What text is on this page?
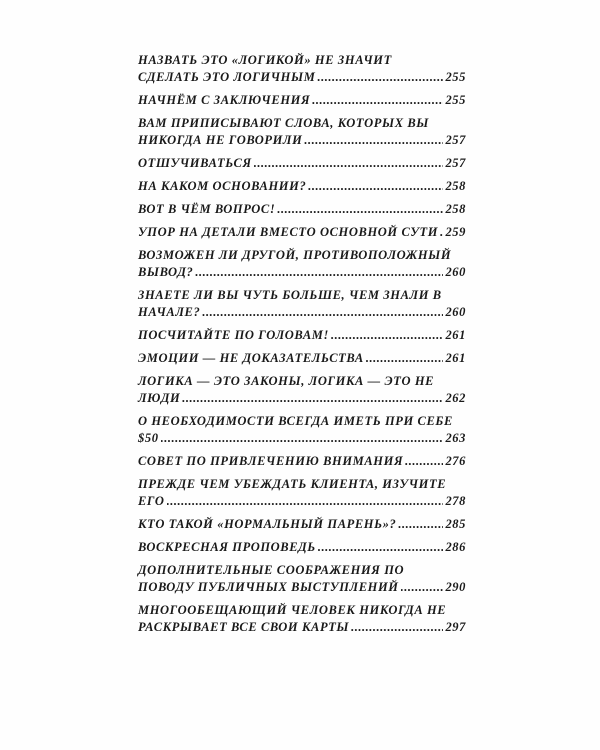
НАЗВАТЬ ЭТО «ЛОГИКОЙ» НЕ ЗНАЧИТ
СДЕЛАТЬ ЭТО ЛОГИЧНЫМ .....	255
НАЧНЁМ С ЗАКЛЮЧЕНИЯ .....	255
ВАМ ПРИПИСЫВАЮТ СЛОВА, КОТОРЫХ ВЫ
НИКОГДА НЕ ГОВОРИЛИ .....	257
ОТШУЧИВАТЬСЯ .....	257
НА КАКОМ ОСНОВАНИИ? .....	258
ВОТ В ЧЁМ ВОПРОС! .....	258
УПОР НА ДЕТАЛИ ВМЕСТО ОСНОВНОЙ СУТИ ..... 259
ВОЗМОЖЕН ЛИ ДРУГОЙ, ПРОТИВОПОЛОЖНЫЙ
ВЫВОД? .....	260
ЗНАЕТЕ ЛИ ВЫ ЧУТЬ БОЛЬШЕ, ЧЕМ ЗНАЛИ В
НАЧАЛЕ? .....	260
ПОСЧИТАЙТЕ ПО ГОЛОВАМ! .....	261
ЭМОЦИИ — НЕ ДОКАЗАТЕЛЬСТВА .....	261
ЛОГИКА — ЭТО ЗАКОНЫ, ЛОГИКА — ЭТО НЕ
ЛЮДИ .....	262
О НЕОБХОДИМОСТИ ВСЕГДА ИМЕТЬ ПРИ СЕБЕ
$50 .....	263
СОВЕТ ПО ПРИВЛЕЧЕНИЮ ВНИМАНИЯ .....	276
ПРЕЖДЕ ЧЕМ УБЕЖДАТЬ КЛИЕНТА, ИЗУЧИТЕ
ЕГО .....	278
КТО ТАКОЙ «НОРМАЛЬНЫЙ ПАРЕНЬ»? .....	285
ВОСКРЕСНАЯ ПРОПОВЕДЬ .....	286
ДОПОЛНИТЕЛЬНЫЕ СООБРАЖЕНИЯ ПО
ПОВОДУ ПУБЛИЧНЫХ ВЫСТУПЛЕНИЙ .....	290
МНОГООБЕЩАЮЩИЙ ЧЕЛОВЕК НИКОГДА НЕ
РАСКРЫВАЕТ ВСЕ СВОИ КАРТЫ .....	297
